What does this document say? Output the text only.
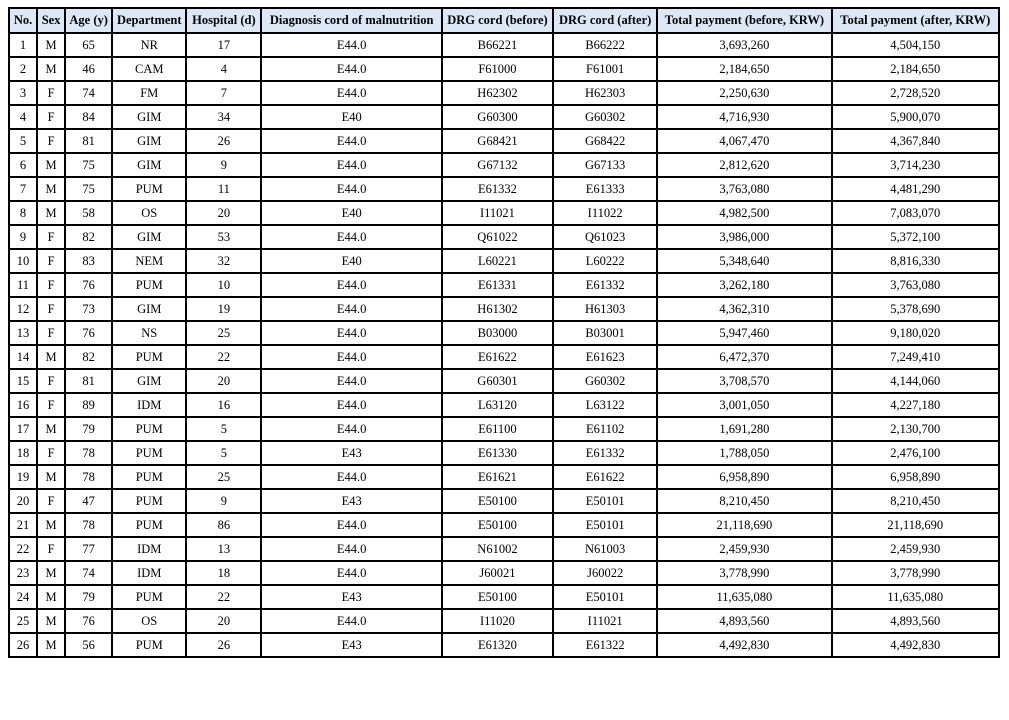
No.	Sex	Age (y)	Department	Hospital (d)	Diagnosis cord of malnutrition	DRG cord (before)	DRG cord (after)	Total payment (before, KRW)	Total payment (after, KRW)
1	M	65	NR	17	E44.0	B66221	B66222	3,693,260	4,504,150
2	M	46	CAM	4	E44.0	F61000	F61001	2,184,650	2,184,650
3	F	74	FM	7	E44.0	H62302	H62303	2,250,630	2,728,520
4	F	84	GIM	34	E40	G60300	G60302	4,716,930	5,900,070
5	F	81	GIM	26	E44.0	G68421	G68422	4,067,470	4,367,840
6	M	75	GIM	9	E44.0	G67132	G67133	2,812,620	3,714,230
7	M	75	PUM	11	E44.0	E61332	E61333	3,763,080	4,481,290
8	M	58	OS	20	E40	I11021	I11022	4,982,500	7,083,070
9	F	82	GIM	53	E44.0	Q61022	Q61023	3,986,000	5,372,100
10	F	83	NEM	32	E40	L60221	L60222	5,348,640	8,816,330
11	F	76	PUM	10	E44.0	E61331	E61332	3,262,180	3,763,080
12	F	73	GIM	19	E44.0	H61302	H61303	4,362,310	5,378,690
13	F	76	NS	25	E44.0	B03000	B03001	5,947,460	9,180,020
14	M	82	PUM	22	E44.0	E61622	E61623	6,472,370	7,249,410
15	F	81	GIM	20	E44.0	G60301	G60302	3,708,570	4,144,060
16	F	89	IDM	16	E44.0	L63120	L63122	3,001,050	4,227,180
17	M	79	PUM	5	E44.0	E61100	E61102	1,691,280	2,130,700
18	F	78	PUM	5	E43	E61330	E61332	1,788,050	2,476,100
19	M	78	PUM	25	E44.0	E61621	E61622	6,958,890	6,958,890
20	F	47	PUM	9	E43	E50100	E50101	8,210,450	8,210,450
21	M	78	PUM	86	E44.0	E50100	E50101	21,118,690	21,118,690
22	F	77	IDM	13	E44.0	N61002	N61003	2,459,930	2,459,930
23	M	74	IDM	18	E44.0	J60021	J60022	3,778,990	3,778,990
24	M	79	PUM	22	E43	E50100	E50101	11,635,080	11,635,080
25	M	76	OS	20	E44.0	I11020	I11021	4,893,560	4,893,560
26	M	56	PUM	26	E43	E61320	E61322	4,492,830	4,492,830
